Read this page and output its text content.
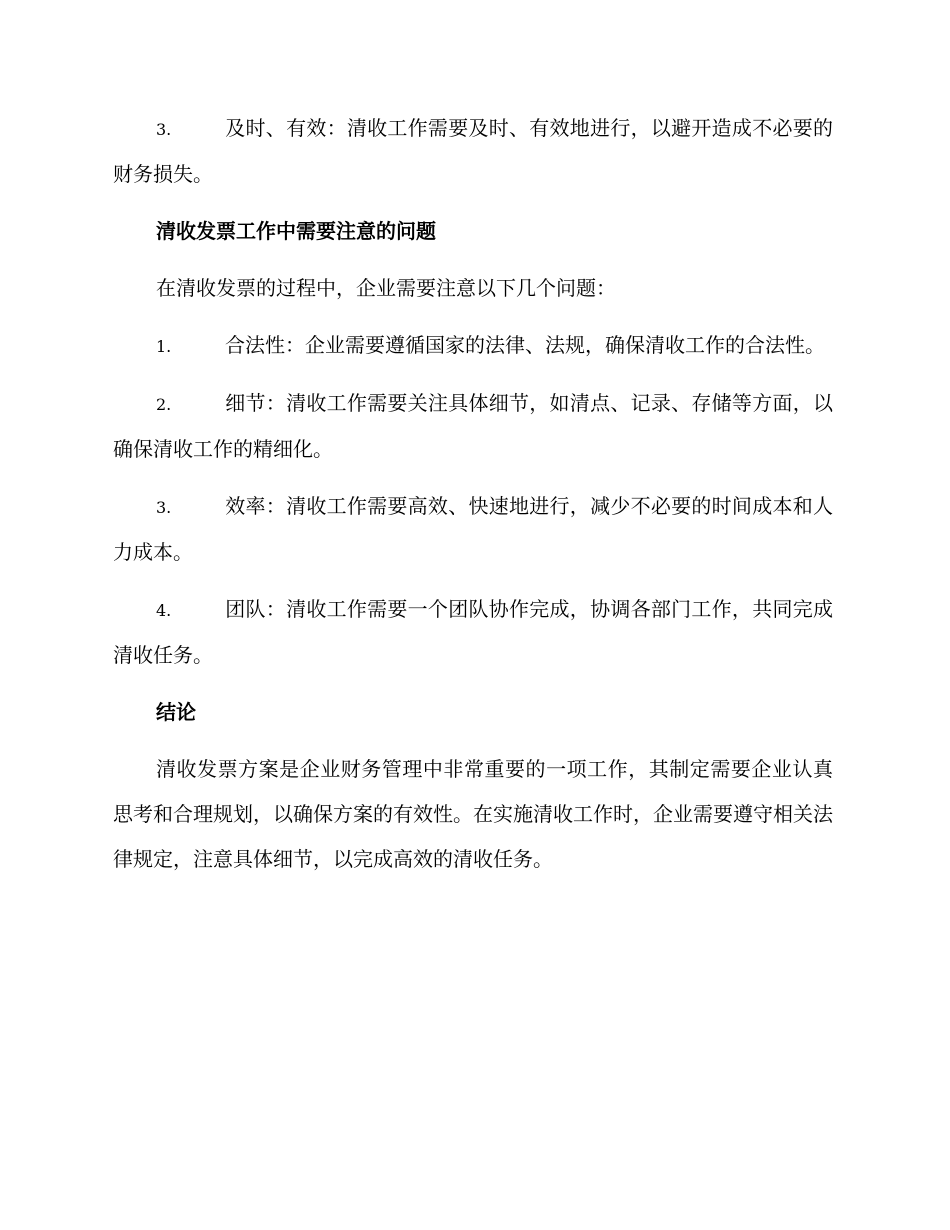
3.	及时、有效：清收工作需要及时、有效地进行，以避开造成不必要的财务损失。

清收发票工作中需要注意的问题

在清收发票的过程中，企业需要注意以下几个问题：

1.	合法性：企业需要遵循国家的法律、法规，确保清收工作的合法性。

2.	细节：清收工作需要关注具体细节，如清点、记录、存储等方面，以确保清收工作的精细化。

3.	效率：清收工作需要高效、快速地进行，减少不必要的时间成本和人力成本。

4.	团队：清收工作需要一个团队协作完成，协调各部门工作，共同完成清收任务。

结论

清收发票方案是企业财务管理中非常重要的一项工作，其制定需要企业认真思考和合理规划，以确保方案的有效性。在实施清收工作时，企业需要遵守相关法律规定，注意具体细节，以完成高效的清收任务。
